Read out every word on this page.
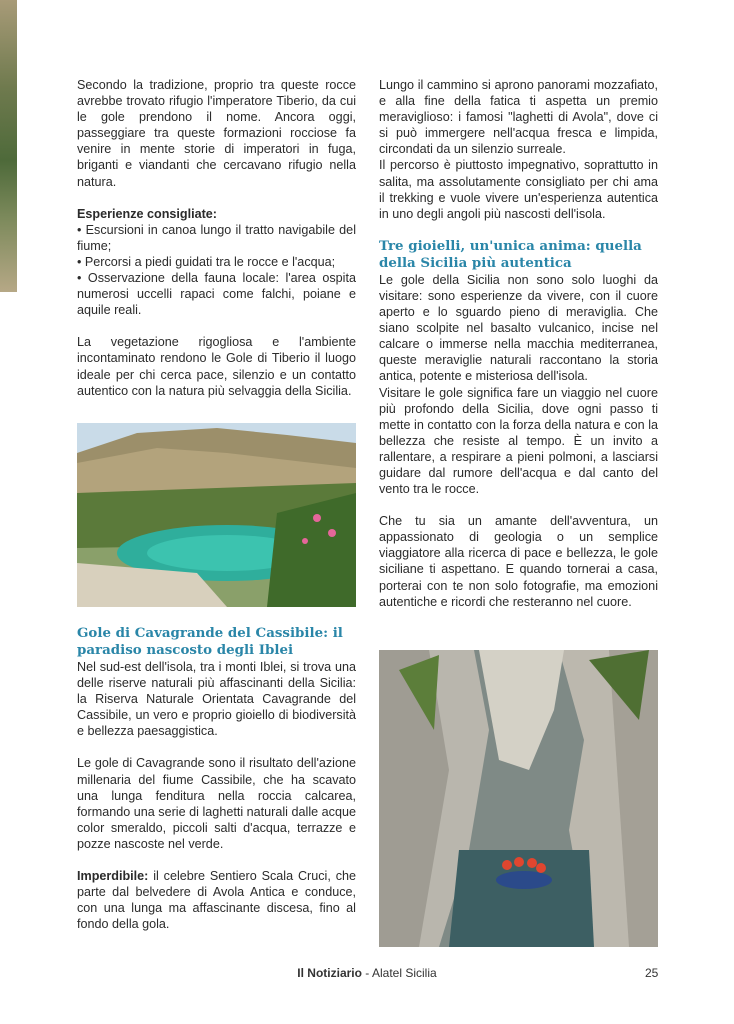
Secondo la tradizione, proprio tra queste rocce avrebbe trovato rifugio l'imperatore Tiberio, da cui le gole prendono il nome. Ancora oggi, passeggiare tra queste formazioni rocciose fa venire in mente storie di imperatori in fuga, briganti e viandanti che cercavano rifugio nella natura.

Esperienze consigliate:

• Escursioni in canoa lungo il tratto navigabile del fiume;

• Percorsi a piedi guidati tra le rocce e l'acqua;

• Osservazione della fauna locale: l'area ospita numerosi uccelli rapaci come falchi, poiane e aquile reali.

La vegetazione rigogliosa e l'ambiente incontaminato rendono le Gole di Tiberio il luogo ideale per chi cerca pace, silenzio e un contatto autentico con la natura più selvaggia della Sicilia.

Gole di Cavagrande del Cassibile: il paradiso nascosto degli Iblei

Nel sud-est dell'isola, tra i monti Iblei, si trova una delle riserve naturali più affascinanti della Sicilia: la Riserva Naturale Orientata Cavagrande del Cassibile, un vero e proprio gioiello di biodiversità e bellezza paesaggistica.

Le gole di Cavagrande sono il risultato dell'azione millenaria del fiume Cassibile, che ha scavato una lunga fenditura nella roccia calcarea, formando una serie di laghetti naturali dalle acque color smeraldo, piccoli salti d'acqua, terrazze e pozze nascoste nel verde.

Imperdibile: il celebre Sentiero Scala Cruci, che parte dal belvedere di Avola Antica e conduce, con una lunga ma affascinante discesa, fino al fondo della gola.

Lungo il cammino si aprono panorami mozzafiato, e alla fine della fatica ti aspetta un premio meraviglioso: i famosi "laghetti di Avola", dove ci si può immergere nell'acqua fresca e limpida, circondati da un silenzio surreale.

Il percorso è piuttosto impegnativo, soprattutto in salita, ma assolutamente consigliato per chi ama il trekking e vuole vivere un'esperienza autentica in uno degli angoli più nascosti dell'isola.

Tre gioielli, un'unica anima: quella della Sicilia più autentica

Le gole della Sicilia non sono solo luoghi da visitare: sono esperienze da vivere, con il cuore aperto e lo sguardo pieno di meraviglia. Che siano scolpite nel basalto vulcanico, incise nel calcare o immerse nella macchia mediterranea, queste meraviglie naturali raccontano la storia antica, potente e misteriosa dell'isola.

Visitare le gole significa fare un viaggio nel cuore più profondo della Sicilia, dove ogni passo ti mette in contatto con la forza della natura e con la bellezza che resiste al tempo. È un invito a rallentare, a respirare a pieni polmoni, a lasciarsi guidare dal rumore dell'acqua e dal canto del vento tra le rocce.

Che tu sia un amante dell'avventura, un appassionato di geologia o un semplice viaggiatore alla ricerca di pace e bellezza, le gole siciliane ti aspettano. E quando tornerai a casa, porterai con te non solo fotografie, ma emozioni autentiche e ricordi che resteranno nel cuore.

Il Notiziario - Alatel Sicilia	25
